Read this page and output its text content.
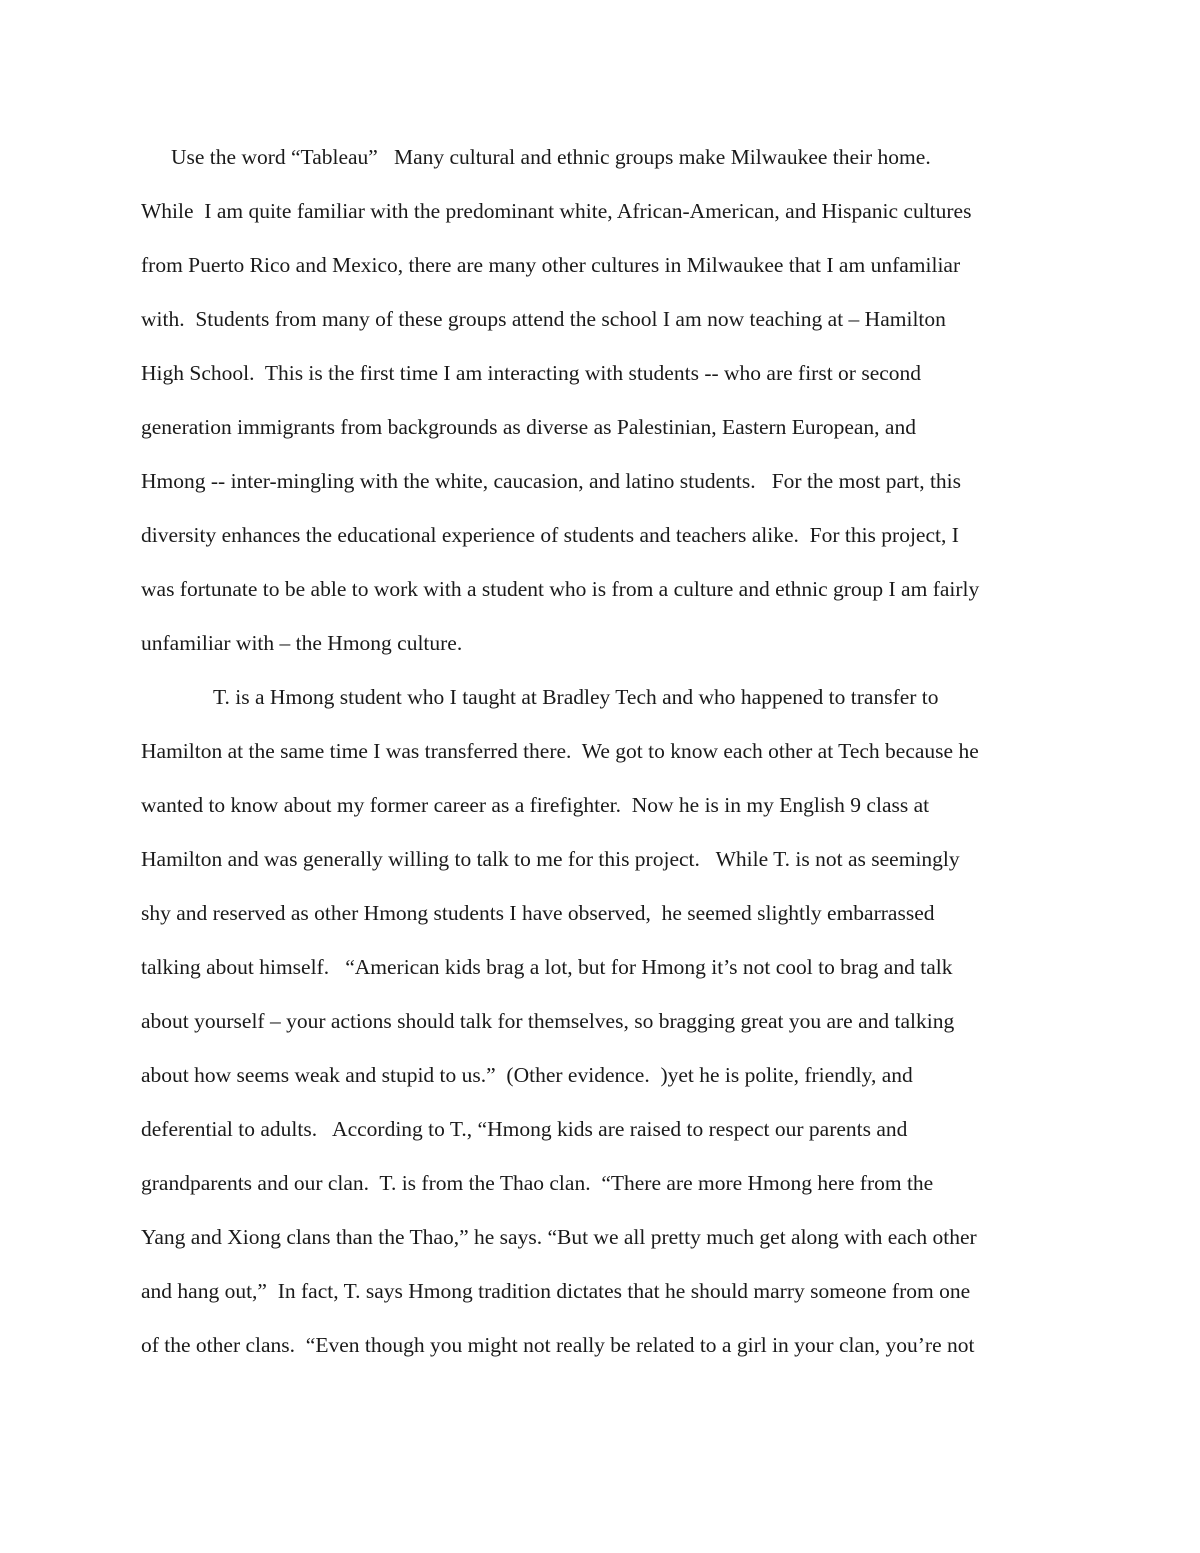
Use the word “Tableau”   Many cultural and ethnic groups make Milwaukee their home.
While  I am quite familiar with the predominant white, African-American, and Hispanic cultures
from Puerto Rico and Mexico, there are many other cultures in Milwaukee that I am unfamiliar
with.  Students from many of these groups attend the school I am now teaching at – Hamilton
High School.  This is the first time I am interacting with students -- who are first or second
generation immigrants from backgrounds as diverse as Palestinian, Eastern European, and
Hmong -- inter-mingling with the white, caucasion, and latino students.   For the most part, this
diversity enhances the educational experience of students and teachers alike.  For this project, I
was fortunate to be able to work with a student who is from a culture and ethnic group I am fairly
unfamiliar with – the Hmong culture.
T. is a Hmong student who I taught at Bradley Tech and who happened to transfer to
Hamilton at the same time I was transferred there.  We got to know each other at Tech because he
wanted to know about my former career as a firefighter.  Now he is in my English 9 class at
Hamilton and was generally willing to talk to me for this project.   While T. is not as seemingly
shy and reserved as other Hmong students I have observed,  he seemed slightly embarrassed
talking about himself.   “American kids brag a lot, but for Hmong it’s not cool to brag and talk
about yourself – your actions should talk for themselves, so bragging great you are and talking
about how seems weak and stupid to us.”  (Other evidence.  )yet he is polite, friendly, and
deferential to adults.   According to T., “Hmong kids are raised to respect our parents and
grandparents and our clan.  T. is from the Thao clan.  “There are more Hmong here from the
Yang and Xiong clans than the Thao,” he says. “But we all pretty much get along with each other
and hang out,”  In fact, T. says Hmong tradition dictates that he should marry someone from one
of the other clans.  “Even though you might not really be related to a girl in your clan, you’re not
